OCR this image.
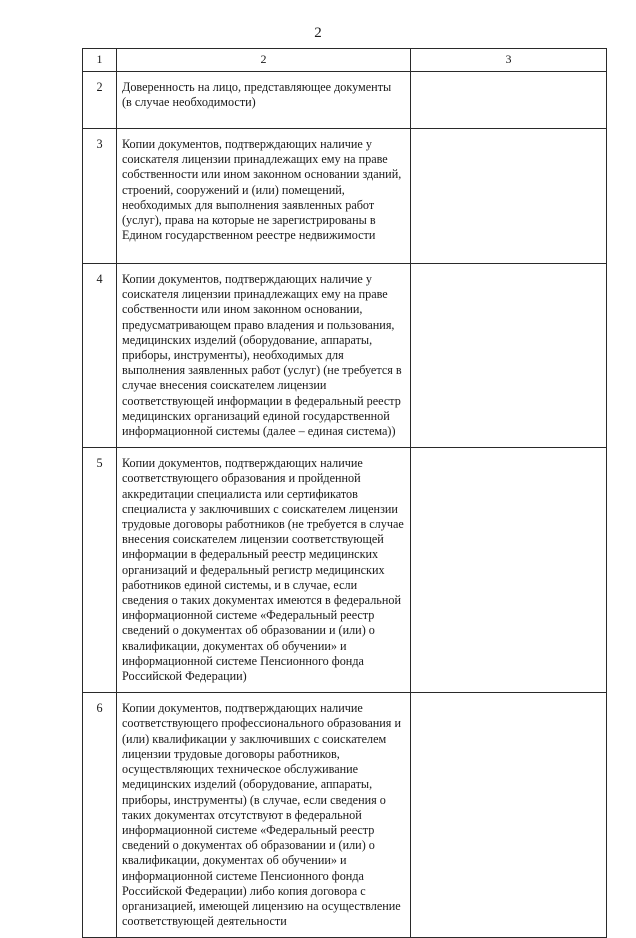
2
1	2	3
2	Доверенность на лицо, представляющее документы (в случае необходимости)	
3	Копии документов, подтверждающих наличие у соискателя лицензии принадлежащих ему на праве собственности или ином законном основании зданий, строений, сооружений и (или) помещений, необходимых для выполнения заявленных работ (услуг), права на которые не зарегистрированы в Едином государственном реестре недвижимости	
4	Копии документов, подтверждающих наличие у соискателя лицензии принадлежащих ему на праве собственности или ином законном основании, предусматривающем право владения и пользования, медицинских изделий (оборудование, аппараты, приборы, инструменты), необходимых для выполнения заявленных работ (услуг) (не требуется в случае внесения соискателем лицензии соответствующей информации в федеральный реестр медицинских организаций единой государственной информационной системы (далее – единая система))	
5	Копии документов, подтверждающих наличие соответствующего образования и пройденной аккредитации специалиста или сертификатов специалиста у заключивших с соискателем лицензии трудовые договоры работников (не требуется в случае внесения соискателем лицензии соответствующей информации в федеральный реестр медицинских организаций и федеральный регистр медицинских работников единой системы, и в случае, если сведения о таких документах имеются в федеральной информационной системе «Федеральный реестр сведений о документах об образовании и (или) о квалификации, документах об обучении» и информационной системе Пенсионного фонда Российской Федерации)	
6	Копии документов, подтверждающих наличие соответствующего профессионального образования и (или) квалификации у заключивших с соискателем лицензии трудовые договоры работников, осуществляющих техническое обслуживание медицинских изделий (оборудование, аппараты, приборы, инструменты) (в случае, если сведения о таких документах отсутствуют в федеральной информационной системе «Федеральный реестр сведений о документах об образовании и (или) о квалификации, документах об обучении» и информационной системе Пенсионного фонда Российской Федерации) либо копия договора с организацией, имеющей лицензию на осуществление соответствующей деятельности	
